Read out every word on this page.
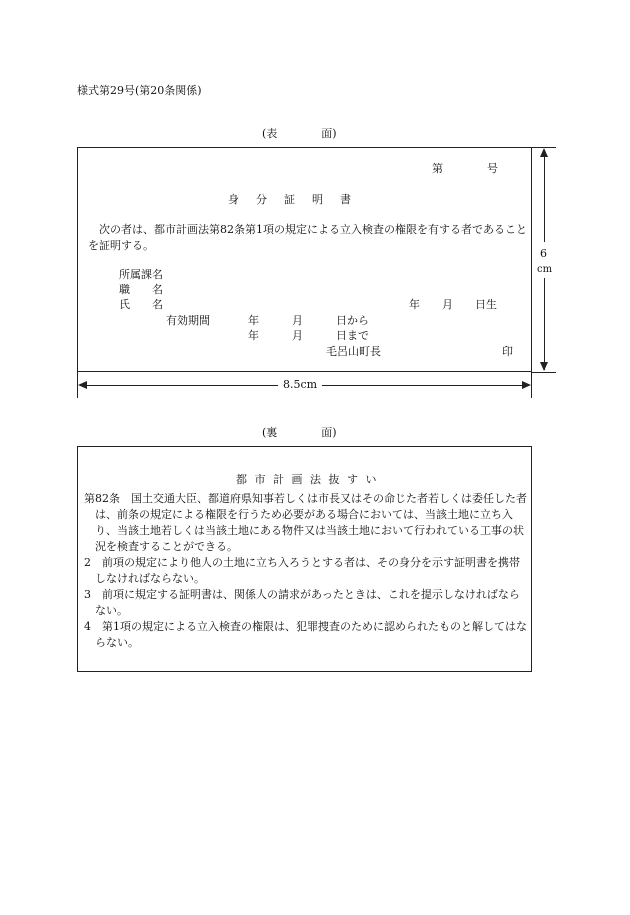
様式第29号(第20条関係)
(表　　　　面)
第　　　　号
身　分　証　明　書
次の者は、都市計画法第82条第1項の規定による立入検査の権限を有する者であることを証明する。
所属課名
職　　名
氏　　名	年　　月　　日生
有効期間	年　　　月　　　日から
年　　　月　　　日まで
毛呂山町長	印
6
cm
8.5cm
(裏　　　　面)
都 市 計 画 法 抜 す い
第82条　国土交通大臣、都道府県知事若しくは市長又はその命じた者若しくは委任した者は、前条の規定による権限を行うため必要がある場合においては、当該土地に立ち入り、当該土地若しくは当該土地にある物件又は当該土地において行われている工事の状況を検査することができる。
2　前項の規定により他人の土地に立ち入ろうとする者は、その身分を示す証明書を携帯しなければならない。
3　前項に規定する証明書は、関係人の請求があったときは、これを提示しなければならない。
4　第1項の規定による立入検査の権限は、犯罪捜査のために認められたものと解してはならない。
